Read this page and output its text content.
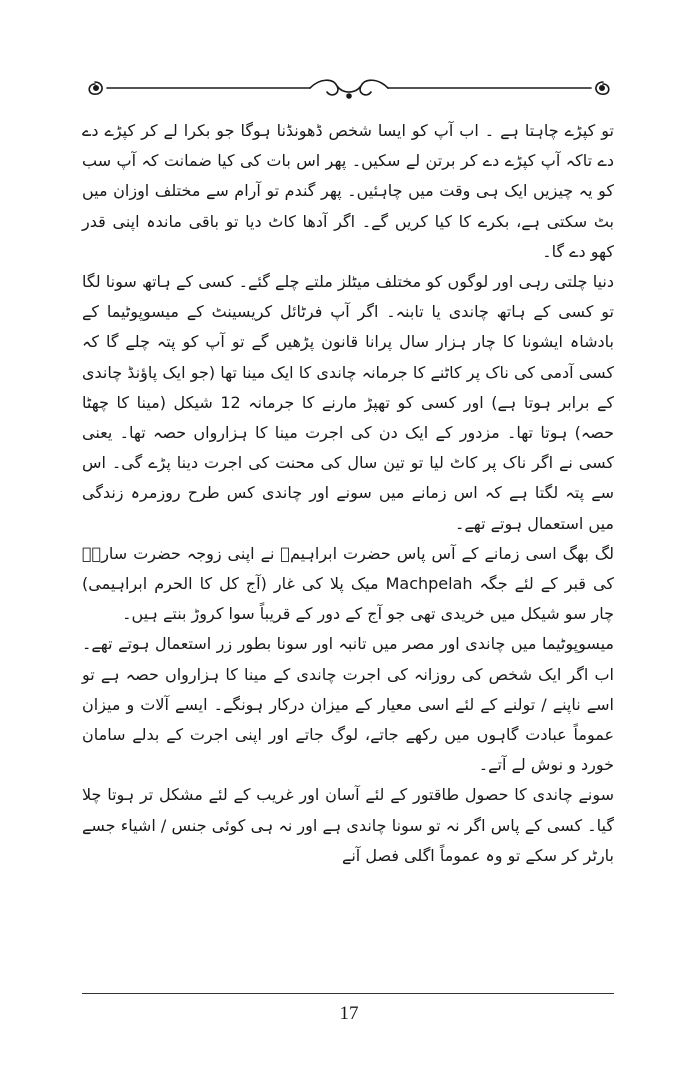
تو کپڑے چاہتا ہے ۔ اب آپ کو ایسا شخص ڈھونڈنا ہوگا جو بکرا لے کر کپڑے دے دے تاکہ آپ کپڑے دے کر برتن لے سکیں۔ پھر اس بات کی کیا ضمانت کہ آپ سب کو یہ چیزیں ایک ہی وقت میں چاہئیں۔ پھر گندم تو آرام سے مختلف اوزان میں بٹ سکتی ہے، بکرے کا کیا کریں گے۔ اگر آدھا کاٹ دیا تو باقی ماندہ اپنی قدر کھو دے گا۔

دنیا چلتی رہی اور لوگوں کو مختلف میٹلز ملتے چلے گئے۔ کسی کے ہاتھ سونا لگا تو کسی کے ہاتھ چاندی یا تابنہ۔ اگر آپ فرٹائل کریسینٹ کے میسوپوٹیما کے بادشاہ ایشونا کا چار ہزار سال پرانا قانون پڑھیں گے تو آپ کو پتہ چلے گا کہ کسی آدمی کی ناک پر کاٹنے کا جرمانہ چاندی کا ایک مینا تھا (جو ایک پاؤنڈ چاندی کے برابر ہوتا ہے) اور کسی کو تھپڑ مارنے کا جرمانہ 12 شیکل (مینا کا چھٹا حصہ) ہوتا تھا۔ مزدور کے ایک دن کی اجرت مینا کا ہزارواں حصہ تھا۔ یعنی کسی نے اگر ناک پر کاٹ لیا تو تین سال کی محنت کی اجرت دینا پڑے گی۔ اس سے پتہ لگتا ہے کہ اس زمانے میں سونے اور چاندی کس طرح روزمرہ زندگی میں استعمال ہوتے تھے۔

لگ بھگ اسی زمانے کے آس پاس حضرت ابراہیمؑ نے اپنی زوجہ حضرت سارہؓ کی قبر کے لئے جگہ Machpelah میک پلا کی غار (آج کل کا الحرم ابراہیمی) چار سو شیکل میں خریدی تھی جو آج کے دور کے قریباً سوا کروڑ بنتے ہیں۔

میسوپوٹیما میں چاندی اور مصر میں تانبہ اور سونا بطور زر استعمال ہوتے تھے۔ اب اگر ایک شخص کی روزانہ کی اجرت چاندی کے مینا کا ہزارواں حصہ ہے تو اسے ناپنے / تولنے کے لئے اسی معیار کے میزان درکار ہونگے۔ ایسے آلات و میزان عموماً عبادت گاہوں میں رکھے جاتے، لوگ جاتے اور اپنی اجرت کے بدلے سامان خورد و نوش لے آتے۔

سونے چاندی کا حصول طاقتور کے لئے آسان اور غریب کے لئے مشکل تر ہوتا چلا گیا۔ کسی کے پاس اگر نہ تو سونا چاندی ہے اور نہ ہی کوئی جنس / اشیاء جسے بارٹر کر سکے تو وہ عموماً اگلی فصل آنے

17
